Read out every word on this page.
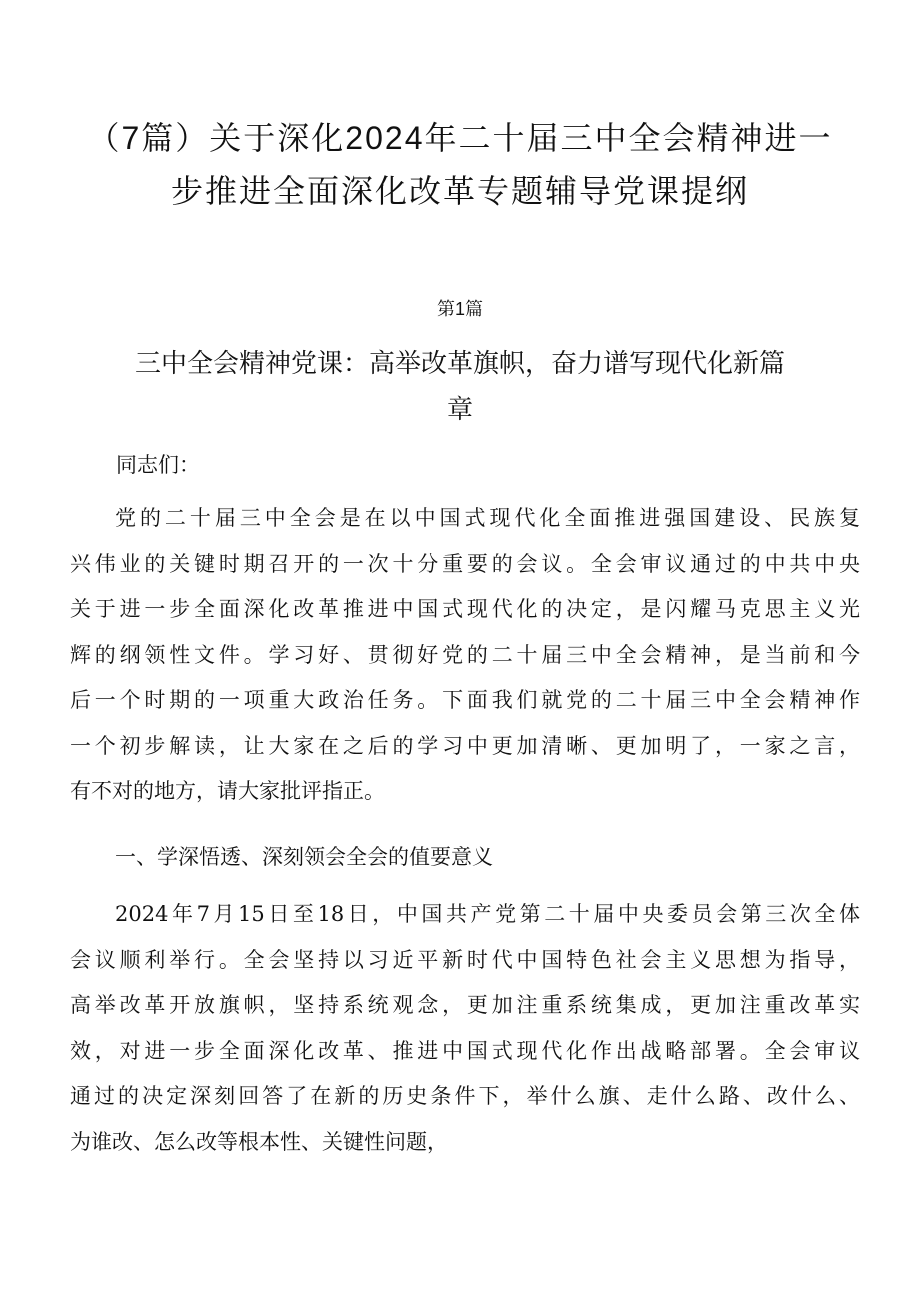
（7篇）关于深化2024年二十届三中全会精神进一
步推进全面深化改革专题辅导党课提纲
第1篇
三中全会精神党课：高举改革旗帜，奋力谱写现代化新篇
章
同志们：
党的二十届三中全会是在以中国式现代化全面推进强国建设、民族复
兴伟业的关键时期召开的一次十分重要的会议。全会审议通过的中共中央
关于进一步全面深化改革推进中国式现代化的决定，是闪耀马克思主义光
辉的纲领性文件。学习好、贯彻好党的二十届三中全会精神，是当前和今
后一个时期的一项重大政治任务。下面我们就党的二十届三中全会精神作
一个初步解读，让大家在之后的学习中更加清晰、更加明了，一家之言，
有不对的地方，请大家批评指正。
一、学深悟透、深刻领会全会的值要意义
2024年7月15日至18日，中国共产党第二十届中央委员会第三次全体
会议顺利举行。全会坚持以习近平新时代中国特色社会主义思想为指导，
高举改革开放旗帜，坚持系统观念，更加注重系统集成，更加注重改革实
效，对进一步全面深化改革、推进中国式现代化作出战略部署。全会审议
通过的决定深刻回答了在新的历史条件下，举什么旗、走什么路、改什么、
为谁改、怎么改等根本性、关键性问题，
